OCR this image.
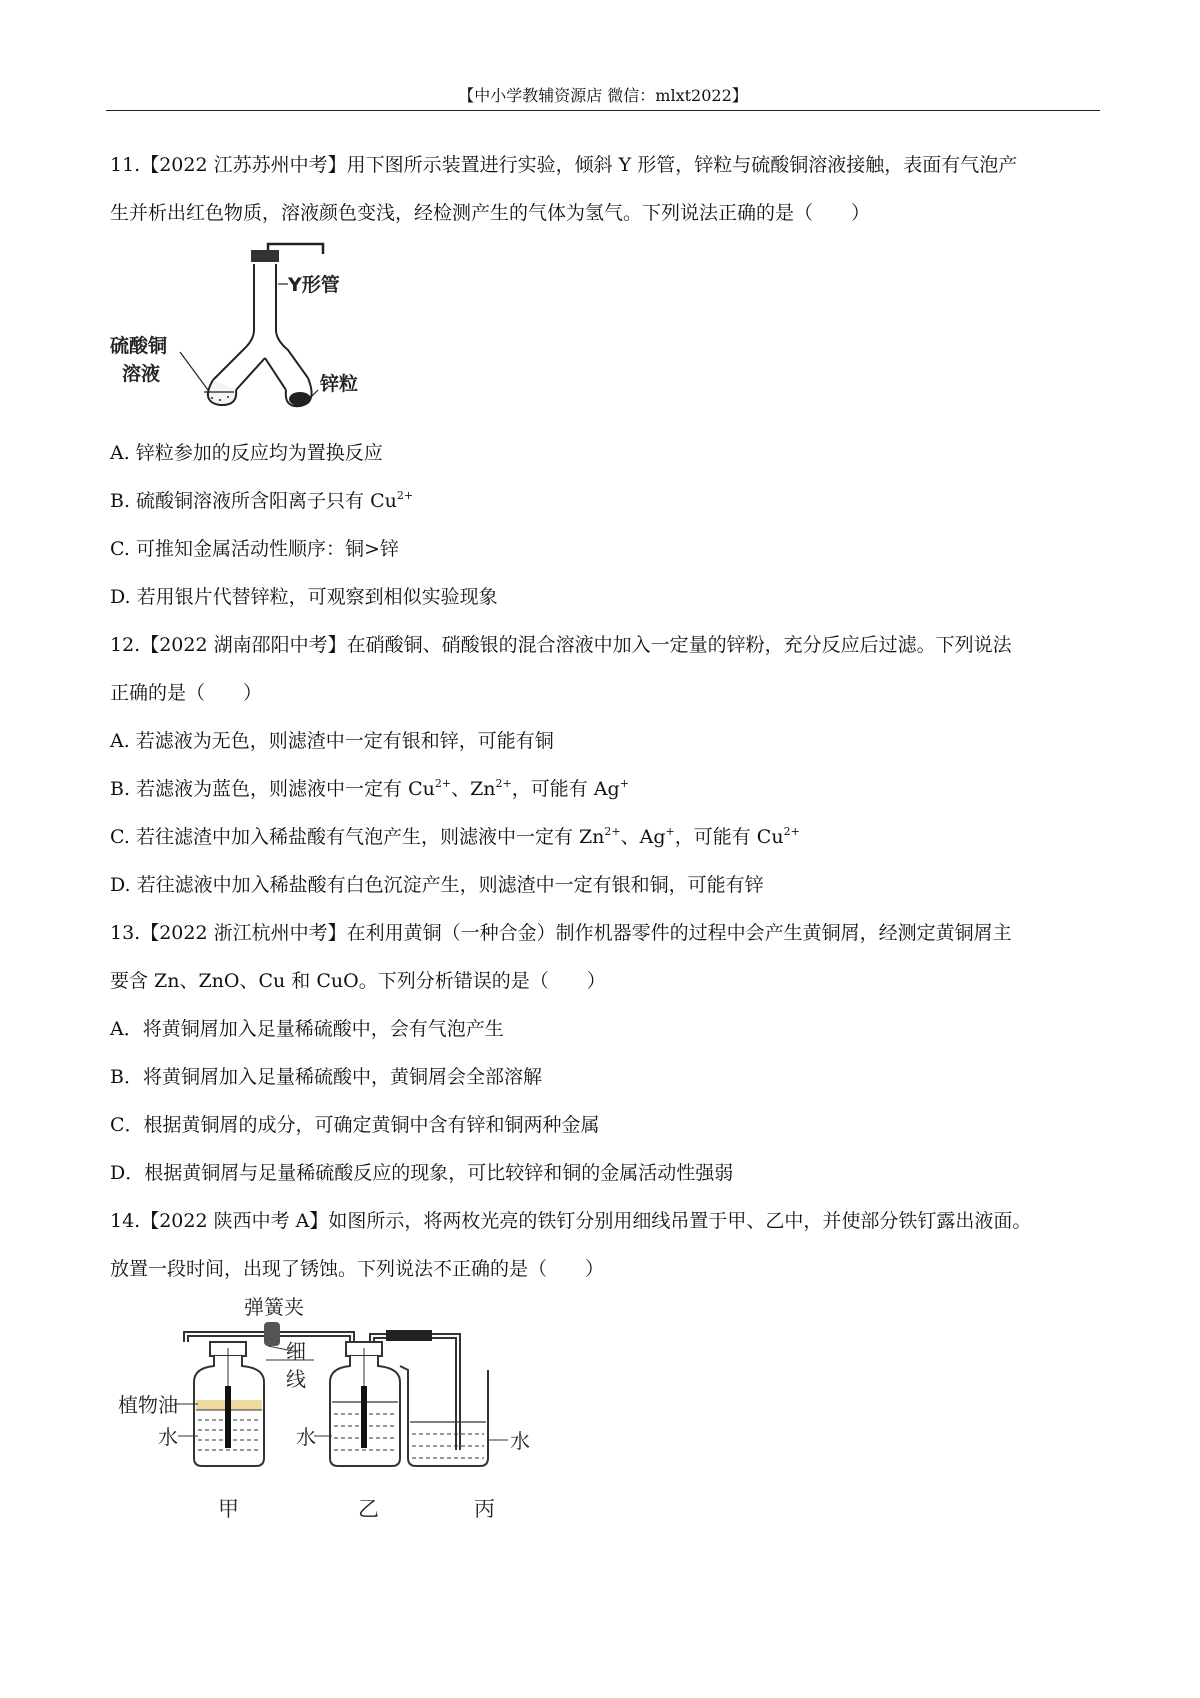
【中小学教辅资源店 微信：mlxt2022】
11.【2022 江苏苏州中考】用下图所示装置进行实验，倾斜 Y 形管，锌粒与硫酸铜溶液接触，表面有气泡产
生并析出红色物质，溶液颜色变浅，经检测产生的气体为氢气。下列说法正确的是（　　）
Y形管
硫酸铜
溶液	锌粒
A. 锌粒参加的反应均为置换反应
B. 硫酸铜溶液所含阳离子只有 $Cu^{2+}$
C. 可推知金属活动性顺序：铜>锌
D. 若用银片代替锌粒，可观察到相似实验现象
12.【2022 湖南邵阳中考】在硝酸铜、硝酸银的混合溶液中加入一定量的锌粉，充分反应后过滤。下列说法
正确的是（　　）
A. 若滤液为无色，则滤渣中一定有银和锌，可能有铜
B. 若滤液为蓝色，则滤液中一定有 $Cu^{2+}$、$Zn^{2+}$，可能有 Ag+
C. 若往滤渣中加入稀盐酸有气泡产生，则滤液中一定有 $Zn^{2+}$、Ag+，可能有 $Cu^{2+}$
D. 若往滤液中加入稀盐酸有白色沉淀产生，则滤渣中一定有银和铜，可能有锌
13.【2022 浙江杭州中考】在利用黄铜（一种合金）制作机器零件的过程中会产生黄铜屑，经测定黄铜屑主
要含 Zn、ZnO、Cu 和 CuO。下列分析错误的是（　　）
A．将黄铜屑加入足量稀硫酸中，会有气泡产生
B．将黄铜屑加入足量稀硫酸中，黄铜屑会全部溶解
C．根据黄铜屑的成分，可确定黄铜中含有锌和铜两种金属
D．根据黄铜屑与足量稀硫酸反应的现象，可比较锌和铜的金属活动性强弱
14.【2022 陕西中考 A】如图所示，将两枚光亮的铁钉分别用细线吊置于甲、乙中，并使部分铁钉露出液面。
放置一段时间，出现了锈蚀。下列说法不正确的是（　　）
弹簧夹
细
线
植物油
水	水	水
甲	乙	丙
